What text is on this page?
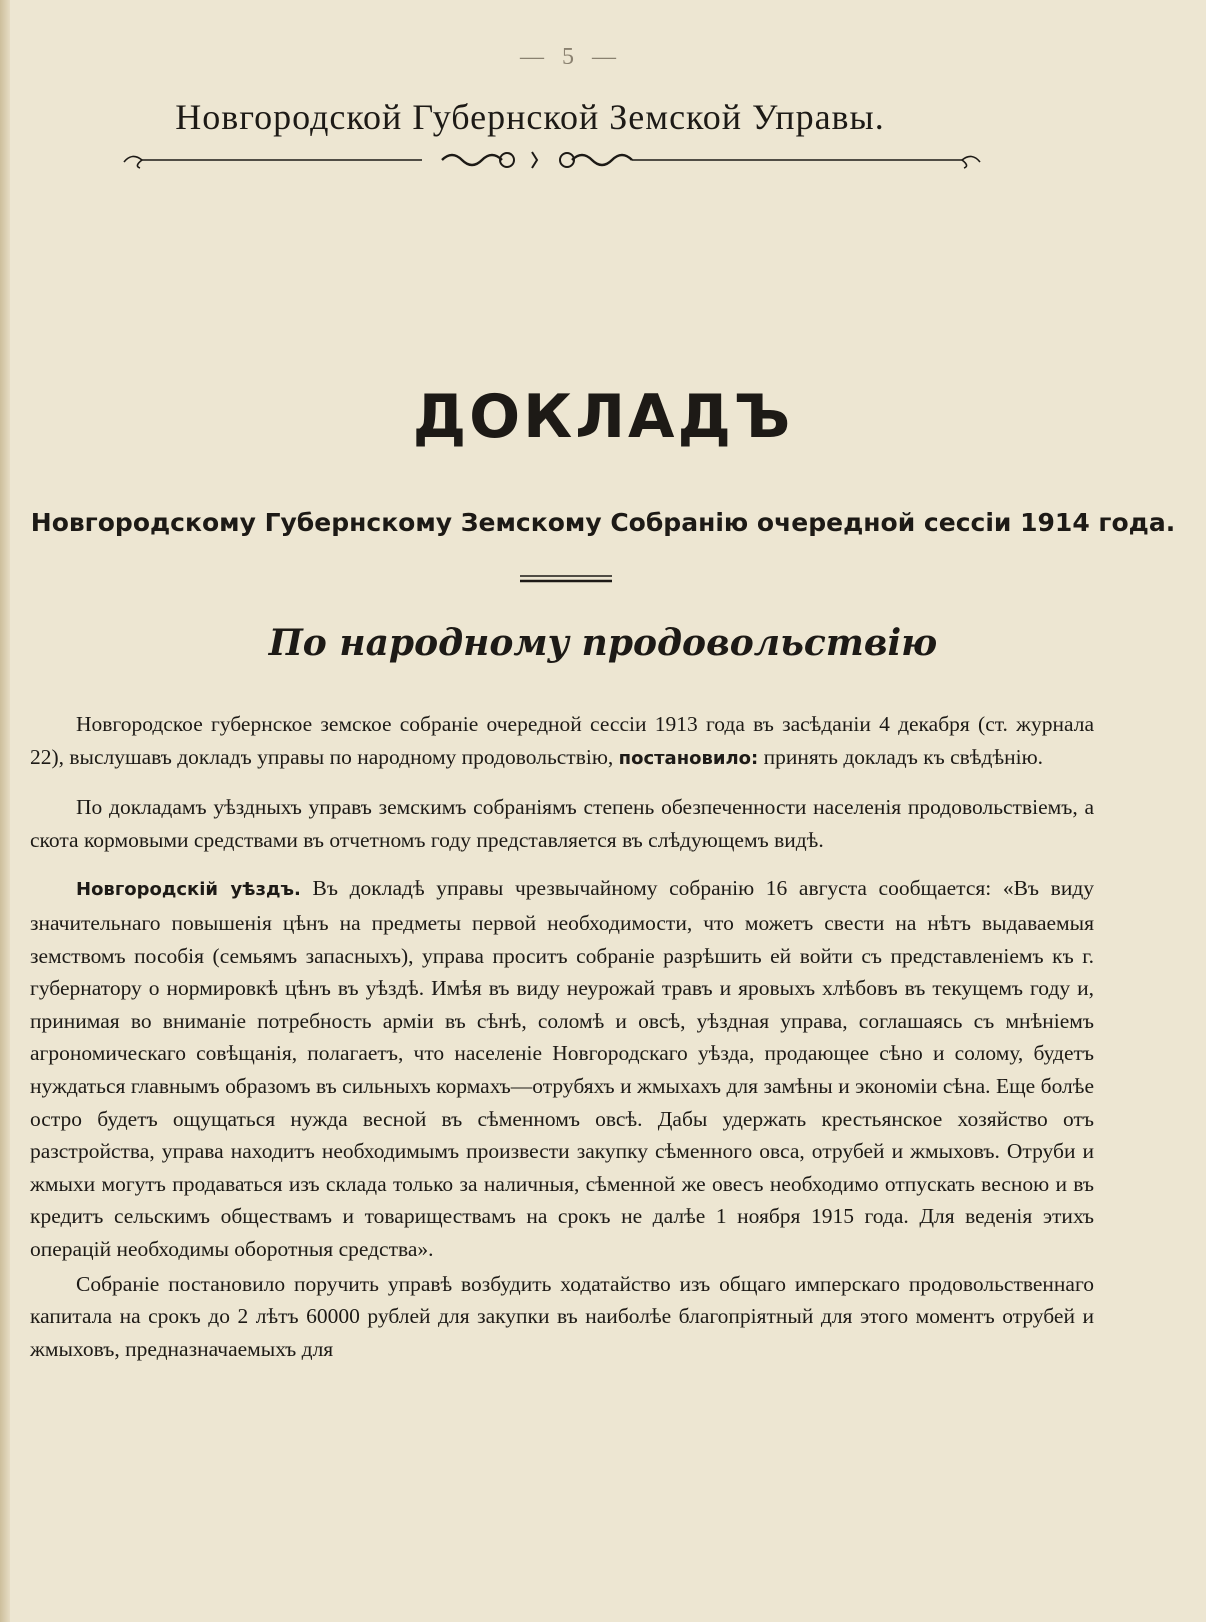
— 5 —
Новгородской Губернской Земской Управы.
ДОКЛАДЪ
Новгородскому Губернскому Земскому Собранію очередной сессіи 1914 года.
По народному продовольствію

Новгородское губернское земское собраніе очередной сессіи 1913 года въ засѣданіи 4 декабря (ст. журнала 22), выслушавъ докладъ управы по народному продовольствію, постановило: принять докладъ къ свѣдѣнію.

По докладамъ уѣздныхъ управъ земскимъ собраніямъ степень обезпеченности населенія продовольствіемъ, а скота кормовыми средствами въ отчетномъ году представляется въ слѣдующемъ видѣ.

Новгородскій уѣздъ. Въ докладѣ управы чрезвычайному собранію 16 августа сообщается: «Въ виду значительнаго повышенія цѣнъ на предметы первой необходимости, что можетъ свести на нѣтъ выдаваемыя земствомъ пособія (семьямъ запасныхъ), управа проситъ собраніе разрѣшить ей войти съ представленіемъ къ г. губернатору о нормировкѣ цѣнъ въ уѣздѣ. Имѣя въ виду неурожай травъ и яровыхъ хлѣбовъ въ текущемъ году и, принимая во вниманіе потребность арміи въ сѣнѣ, соломѣ и овсѣ, уѣздная управа, соглашаясь съ мнѣніемъ агрономическаго совѣщанія, полагаетъ, что населеніе Новгородскаго уѣзда, продающее сѣно и солому, будетъ нуждаться главнымъ образомъ въ сильныхъ кормахъ—отрубяхъ и жмыхахъ для замѣны и экономіи сѣна. Еще болѣе остро будетъ ощущаться нужда весной въ сѣменномъ овсѣ. Дабы удержать крестьянское хозяйство отъ разстройства, управа находитъ необходимымъ произвести закупку сѣменного овса, отрубей и жмыховъ. Отруби и жмыхи могутъ продаваться изъ склада только за наличныя, сѣменной же овесъ необходимо отпускать весною и въ кредитъ сельскимъ обществамъ и товариществамъ на срокъ не далѣе 1 ноября 1915 года. Для веденія этихъ операцій необходимы оборотныя средства».

Собраніе постановило поручить управѣ возбудить ходатайство изъ общаго имперскаго продовольственнаго капитала на срокъ до 2 лѣтъ 60000 рублей для закупки въ наиболѣе благопріятный для этого моментъ отрубей и жмыховъ, предназначаемыхъ для
